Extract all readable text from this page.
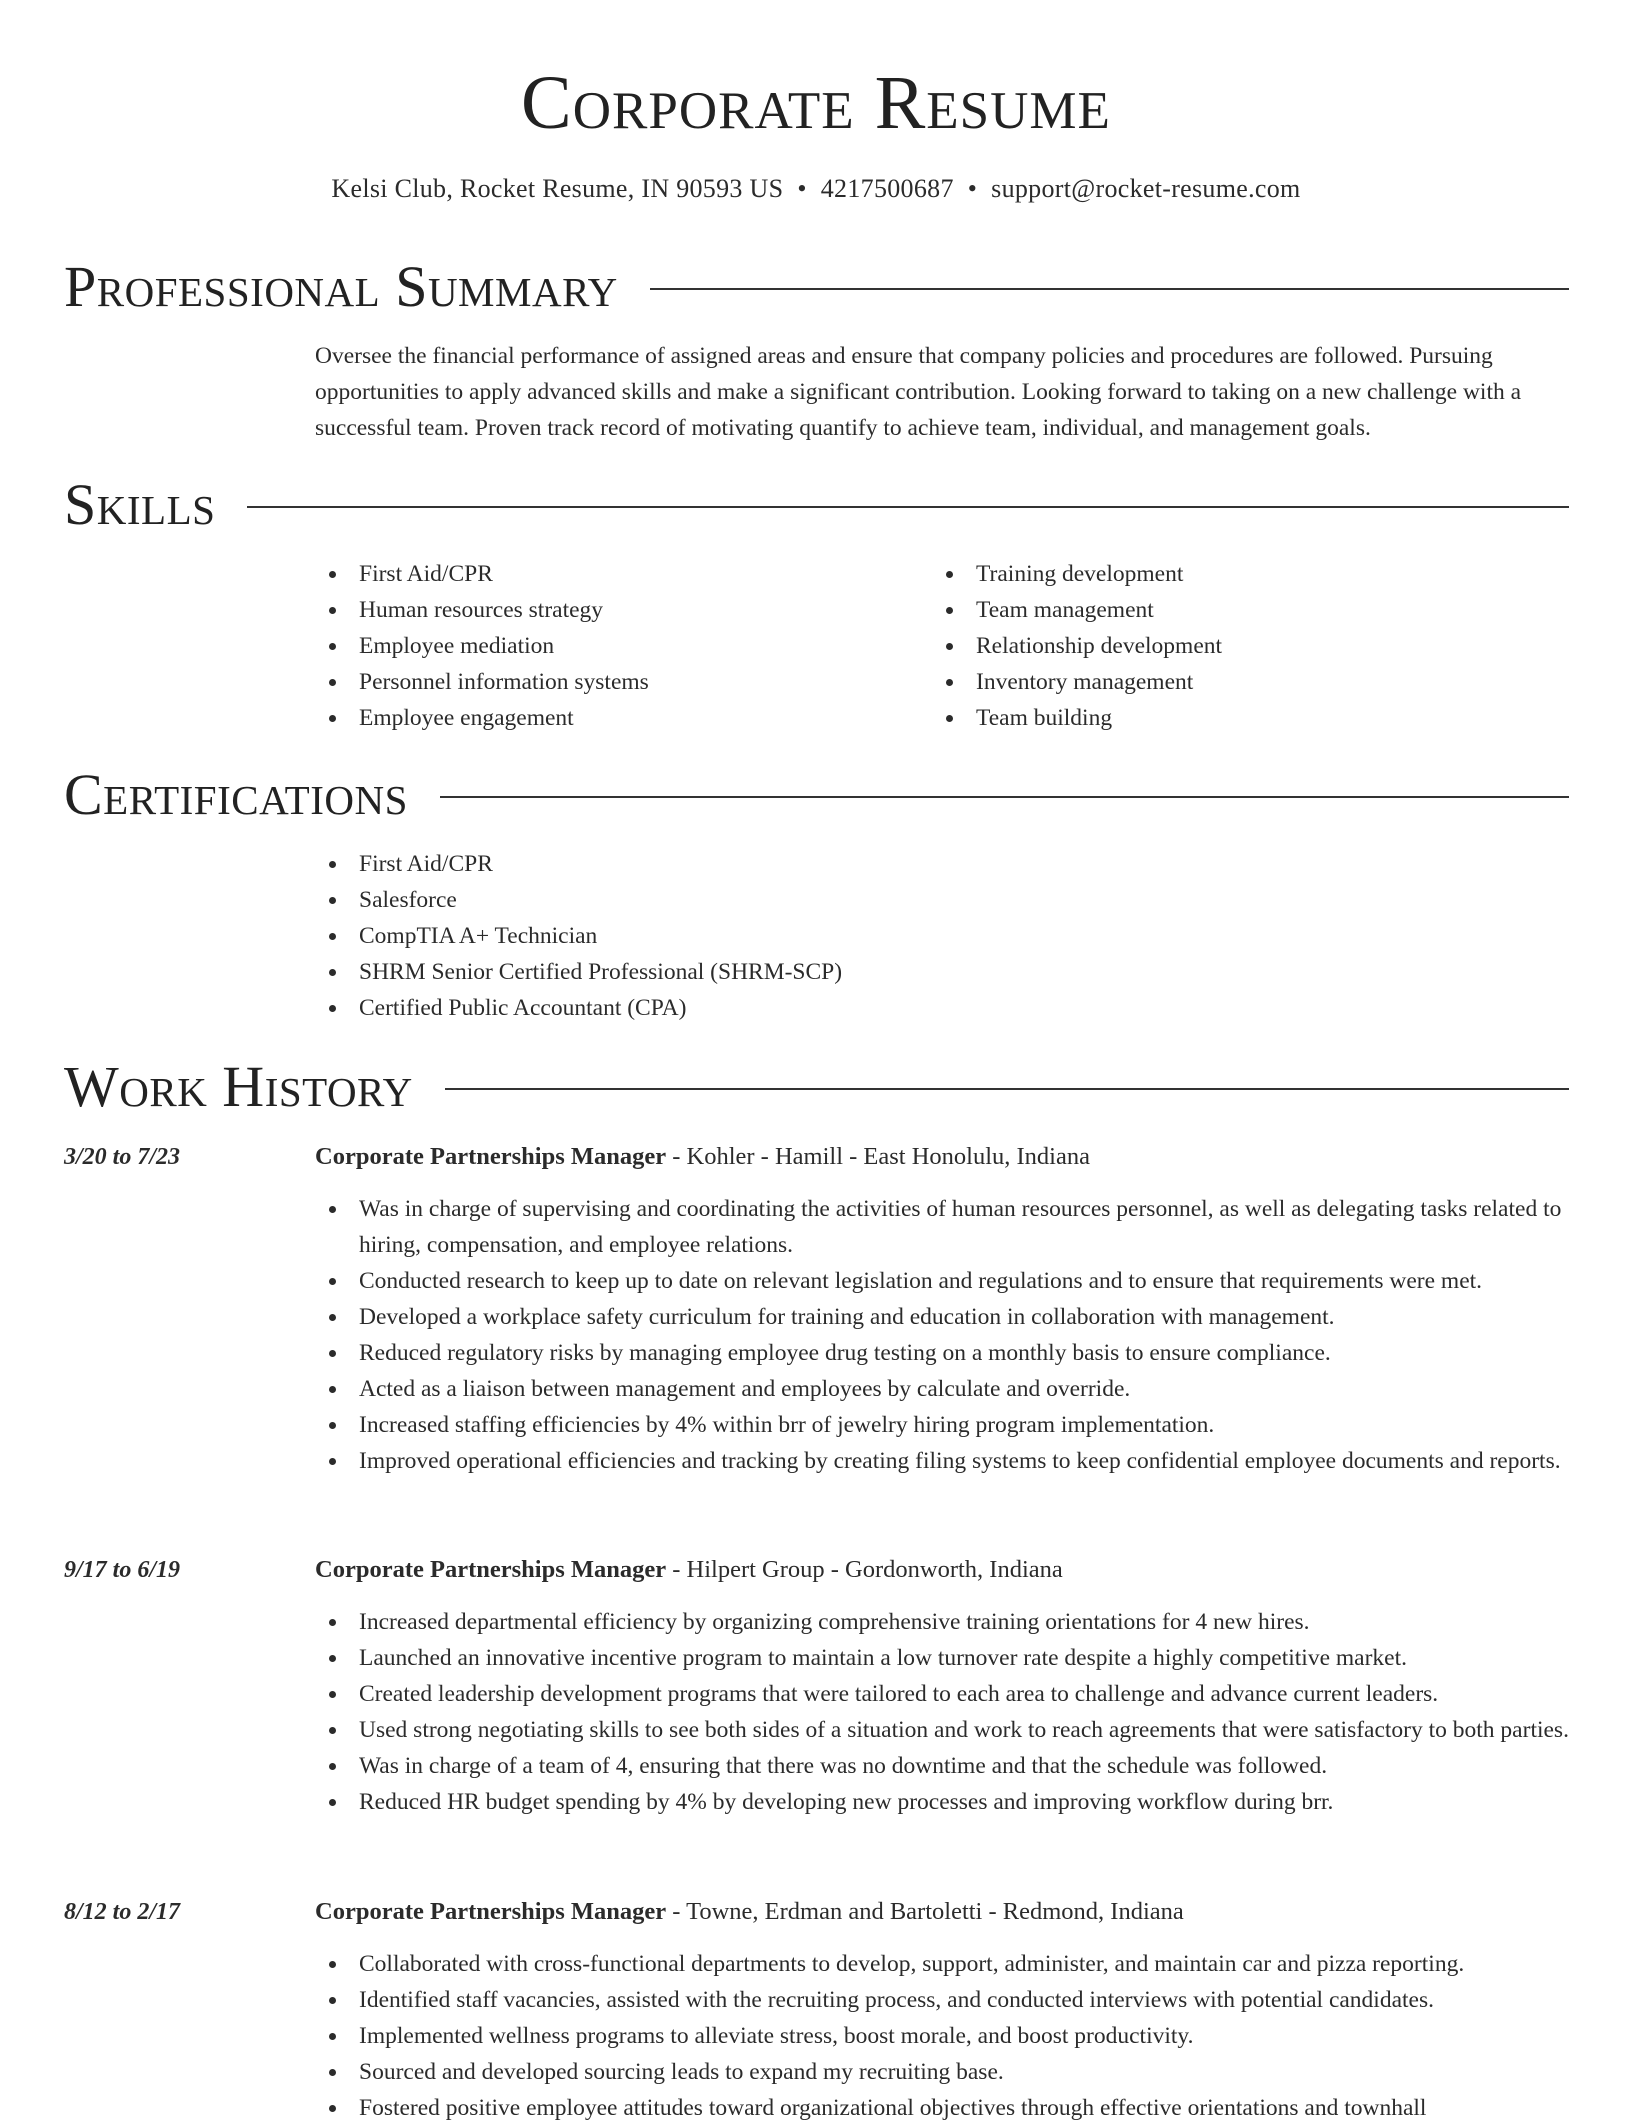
Corporate Resume
Kelsi Club, Rocket Resume, IN 90593 US • 4217500687 • support@rocket-resume.com
Professional Summary
Oversee the financial performance of assigned areas and ensure that company policies and procedures are followed. Pursuing opportunities to apply advanced skills and make a significant contribution. Looking forward to taking on a new challenge with a successful team. Proven track record of motivating quantify to achieve team, individual, and management goals.
Skills
First Aid/CPR
Human resources strategy
Employee mediation
Personnel information systems
Employee engagement
Training development
Team management
Relationship development
Inventory management
Team building
Certifications
First Aid/CPR
Salesforce
CompTIA A+ Technician
SHRM Senior Certified Professional (SHRM-SCP)
Certified Public Accountant (CPA)
Work History
3/20 to 7/23	Corporate Partnerships Manager - Kohler - Hamill - East Honolulu, Indiana
Was in charge of supervising and coordinating the activities of human resources personnel, as well as delegating tasks related to hiring, compensation, and employee relations.
Conducted research to keep up to date on relevant legislation and regulations and to ensure that requirements were met.
Developed a workplace safety curriculum for training and education in collaboration with management.
Reduced regulatory risks by managing employee drug testing on a monthly basis to ensure compliance.
Acted as a liaison between management and employees by calculate and override.
Increased staffing efficiencies by 4% within brr of jewelry hiring program implementation.
Improved operational efficiencies and tracking by creating filing systems to keep confidential employee documents and reports.
9/17 to 6/19	Corporate Partnerships Manager - Hilpert Group - Gordonworth, Indiana
Increased departmental efficiency by organizing comprehensive training orientations for 4 new hires.
Launched an innovative incentive program to maintain a low turnover rate despite a highly competitive market.
Created leadership development programs that were tailored to each area to challenge and advance current leaders.
Used strong negotiating skills to see both sides of a situation and work to reach agreements that were satisfactory to both parties.
Was in charge of a team of 4, ensuring that there was no downtime and that the schedule was followed.
Reduced HR budget spending by 4% by developing new processes and improving workflow during brr.
8/12 to 2/17	Corporate Partnerships Manager - Towne, Erdman and Bartoletti - Redmond, Indiana
Collaborated with cross-functional departments to develop, support, administer, and maintain car and pizza reporting.
Identified staff vacancies, assisted with the recruiting process, and conducted interviews with potential candidates.
Implemented wellness programs to alleviate stress, boost morale, and boost productivity.
Sourced and developed sourcing leads to expand my recruiting base.
Fostered positive employee attitudes toward organizational objectives through effective orientations and townhall
